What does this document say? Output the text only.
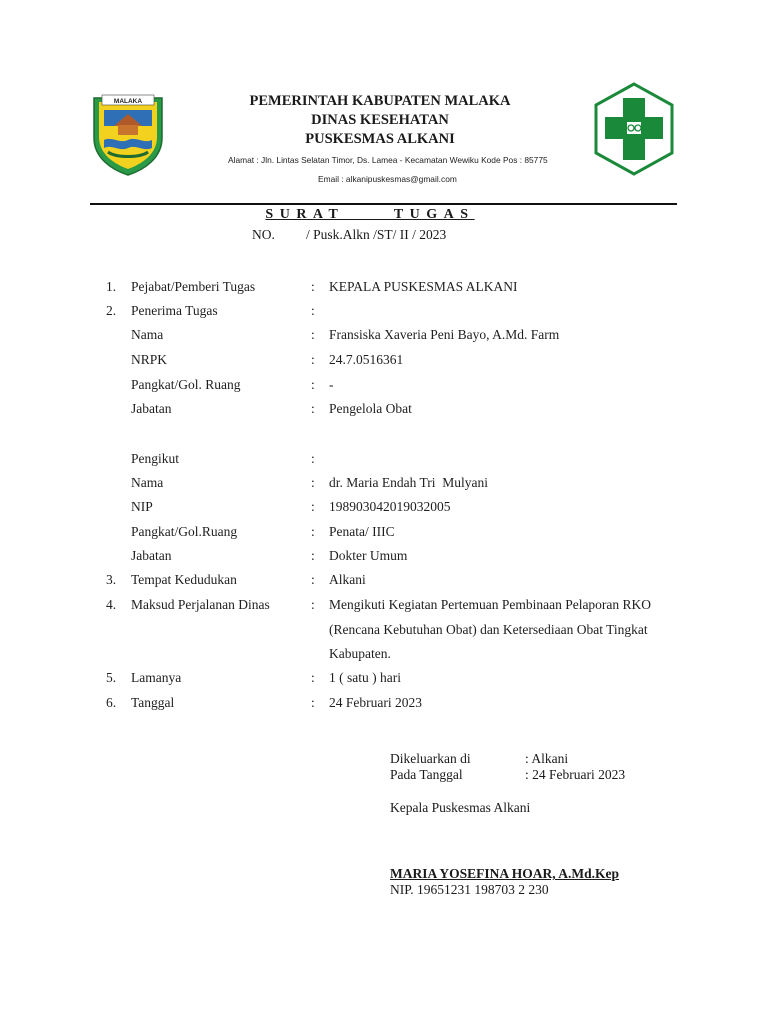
MALAKA	PEMERINTAH KABUPATEN MALAKA
DINAS KESEHATAN
PUSKESMAS ALKANI
Alamat : Jln. Lintas Selatan Timor, Ds. Lamea - Kecamatan Wewiku Kode Pos : 85775
Email : alkanipuskesmas@gmail.com
SURAT     TUGAS
NO. / Pusk.Alkn /ST/ II / 2023
1. Pejabat/Pemberi Tugas	: KEPALA PUSKESMAS ALKANI
2. Penerima Tugas	:
Nama	: Fransiska Xaveria Peni Bayo, A.Md. Farm
NRPK	: 24.7.0516361
Pangkat/Gol. Ruang	: -
Jabatan	: Pengelola Obat
Pengikut	:
Nama	: dr. Maria Endah Tri  Mulyani
NIP	: 198903042019032005
Pangkat/Gol.Ruang	: Penata/ IIIC
Jabatan	: Dokter Umum
3. Tempat Kedudukan	: Alkani
4. Maksud Perjalanan Dinas	: Mengikuti Kegiatan Pertemuan Pembinaan Pelaporan RKO (Rencana Kebutuhan Obat) dan Ketersediaan Obat Tingkat Kabupaten.
5. Lamanya	: 1 ( satu ) hari
6. Tanggal	: 24 Februari 2023
Dikeluarkan di	: Alkani
Pada Tanggal	: 24 Februari 2023
Kepala Puskesmas Alkani
MARIA YOSEFINA HOAR, A.Md.Kep
NIP. 19651231 198703 2 230
